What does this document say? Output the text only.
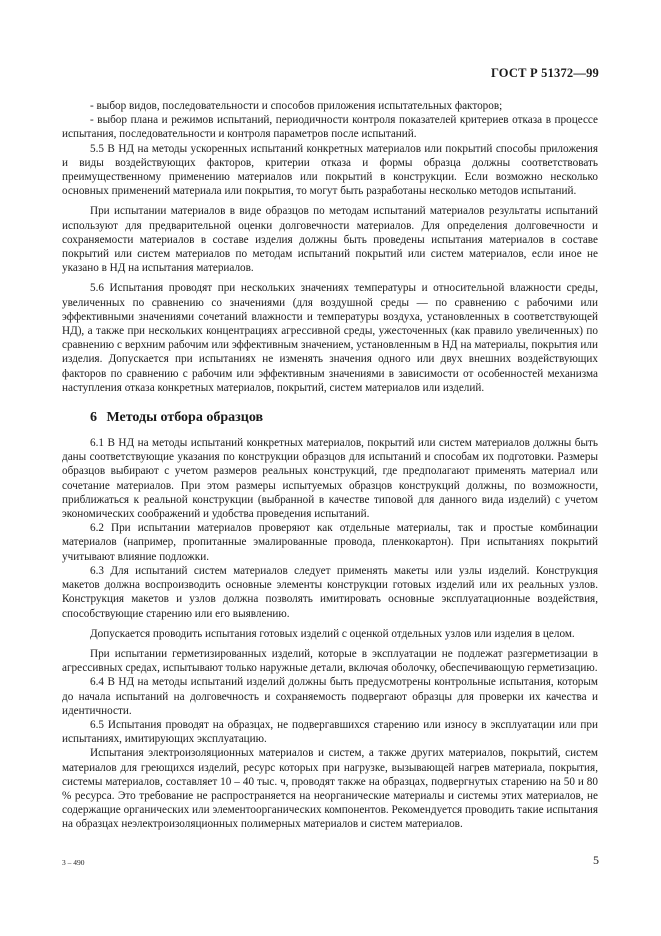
ГОСТ Р 51372—99

- выбор видов, последовательности и способов приложения испытательных факторов;

- выбор плана и режимов испытаний, периодичности контроля показателей критериев отказа в процессе испытания, последовательности и контроля параметров после испытаний.

5.5 В НД на методы ускоренных испытаний конкретных материалов или покрытий способы приложения и виды воздействующих факторов, критерии отказа и формы образца должны соответствовать преимущественному применению материалов или покрытий в конструкции. Если возможно несколько основных применений материала или покрытия, то могут быть разработаны несколько методов испытаний.

При испытании материалов в виде образцов по методам испытаний материалов результаты испытаний используют для предварительной оценки долговечности материалов. Для определения долговечности и сохраняемости материалов в составе изделия должны быть проведены испытания материалов в составе покрытий или систем материалов по методам испытаний покрытий или систем материалов, если иное не указано в НД на испытания материалов.

5.6 Испытания проводят при нескольких значениях температуры и относительной влажности среды, увеличенных по сравнению со значениями (для воздушной среды — по сравнению с рабочими или эффективными значениями сочетаний влажности и температуры воздуха, установленных в соответствующей НД), а также при нескольких концентрациях агрессивной среды, ужесточенных (как правило увеличенных) по сравнению с верхним рабочим или эффективным значением, установленным в НД на материалы, покрытия или изделия. Допускается при испытаниях не изменять значения одного или двух внешних воздействующих факторов по сравнению с рабочим или эффективным значениями в зависимости от особенностей механизма наступления отказа конкретных материалов, покрытий, систем материалов или изделий.

6 Методы отбора образцов

6.1 В НД на методы испытаний конкретных материалов, покрытий или систем материалов должны быть даны соответствующие указания по конструкции образцов для испытаний и способам их подготовки. Размеры образцов выбирают с учетом размеров реальных конструкций, где предполагают применять материал или сочетание материалов. При этом размеры испытуемых образцов конструкций должны, по возможности, приближаться к реальной конструкции (выбранной в качестве типовой для данного вида изделий) с учетом экономических соображений и удобства проведения испытаний.

6.2 При испытании материалов проверяют как отдельные материалы, так и простые комбинации материалов (например, пропитанные эмалированные провода, пленкокартон). При испытаниях покрытий учитывают влияние подложки.

6.3 Для испытаний систем материалов следует применять макеты или узлы изделий. Конструкция макетов должна воспроизводить основные элементы конструкции готовых изделий или их реальных узлов. Конструкция макетов и узлов должна позволять имитировать основные эксплуатационные воздействия, способствующие старению или его выявлению.

Допускается проводить испытания готовых изделий с оценкой отдельных узлов или изделия в целом.

При испытании герметизированных изделий, которые в эксплуатации не подлежат разгерметизации в агрессивных средах, испытывают только наружные детали, включая оболочку, обеспечивающую герметизацию.

6.4 В НД на методы испытаний изделий должны быть предусмотрены контрольные испытания, которым до начала испытаний на долговечность и сохраняемость подвергают образцы для проверки их качества и идентичности.

6.5 Испытания проводят на образцах, не подвергавшихся старению или износу в эксплуатации или при испытаниях, имитирующих эксплуатацию.

Испытания электроизоляционных материалов и систем, а также других материалов, покрытий, систем материалов для греющихся изделий, ресурс которых при нагрузке, вызывающей нагрев материала, покрытия, системы материалов, составляет 10 – 40 тыс. ч, проводят также на образцах, подвергнутых старению на 50 и 80 % ресурса. Это требование не распространяется на неорганические материалы и системы этих материалов, не содержащие органических или элементоорганических компонентов. Рекомендуется проводить такие испытания на образцах неэлектроизоляционных полимерных материалов и систем материалов.

3 – 490	5
